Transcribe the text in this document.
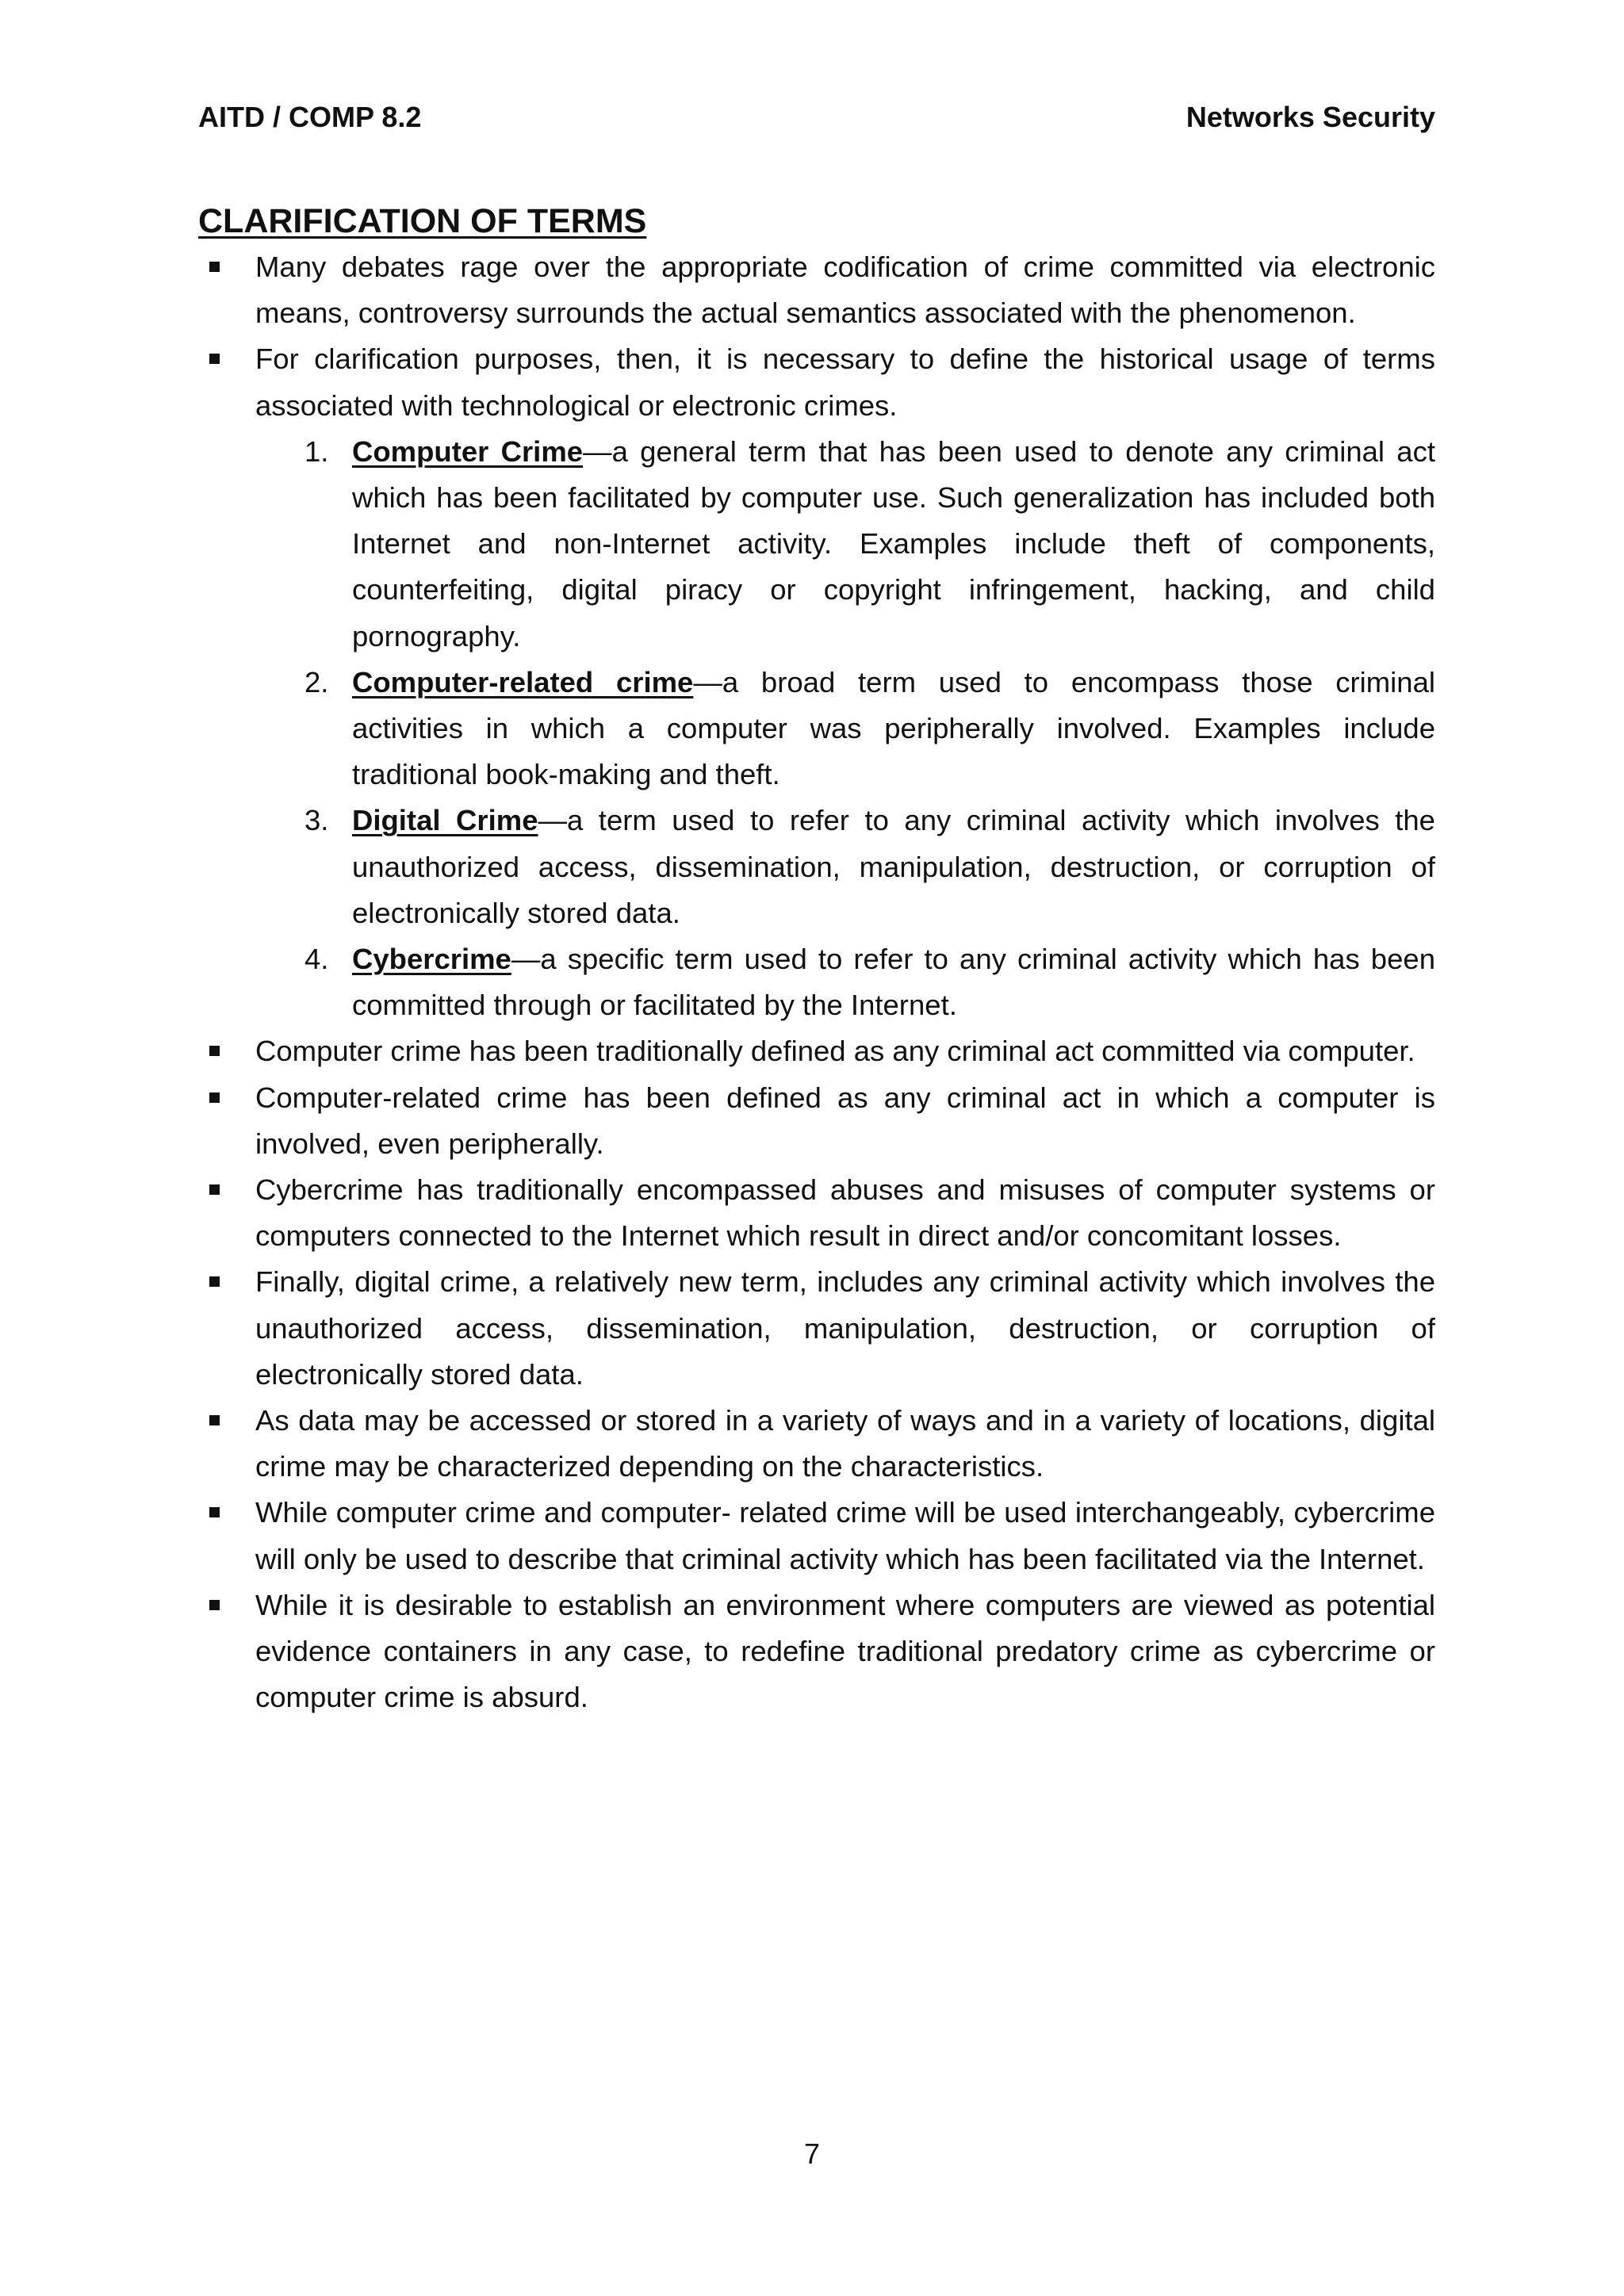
AITD / COMP 8.2	Networks Security
CLARIFICATION OF TERMS
Many debates rage over the appropriate codification of crime committed via electronic means, controversy surrounds the actual semantics associated with the phenomenon.
For clarification purposes, then, it is necessary to define the historical usage of terms associated with technological or electronic crimes.
1. Computer Crime—a general term that has been used to denote any criminal act which has been facilitated by computer use. Such generalization has included both Internet and non-Internet activity. Examples include theft of components, counterfeiting, digital piracy or copyright infringement, hacking, and child pornography.
2. Computer-related crime—a broad term used to encompass those criminal activities in which a computer was peripherally involved. Examples include traditional book-making and theft.
3. Digital Crime—a term used to refer to any criminal activity which involves the unauthorized access, dissemination, manipulation, destruction, or corruption of electronically stored data.
4. Cybercrime—a specific term used to refer to any criminal activity which has been committed through or facilitated by the Internet.
Computer crime has been traditionally defined as any criminal act committed via computer.
Computer-related crime has been defined as any criminal act in which a computer is involved, even peripherally.
Cybercrime has traditionally encompassed abuses and misuses of computer systems or computers connected to the Internet which result in direct and/or concomitant losses.
Finally, digital crime, a relatively new term, includes any criminal activity which involves the unauthorized access, dissemination, manipulation, destruction, or corruption of electronically stored data.
As data may be accessed or stored in a variety of ways and in a variety of locations, digital crime may be characterized depending on the characteristics.
While computer crime and computer- related crime will be used interchangeably, cybercrime will only be used to describe that criminal activity which has been facilitated via the Internet.
While it is desirable to establish an environment where computers are viewed as potential evidence containers in any case, to redefine traditional predatory crime as cybercrime or computer crime is absurd.
7
